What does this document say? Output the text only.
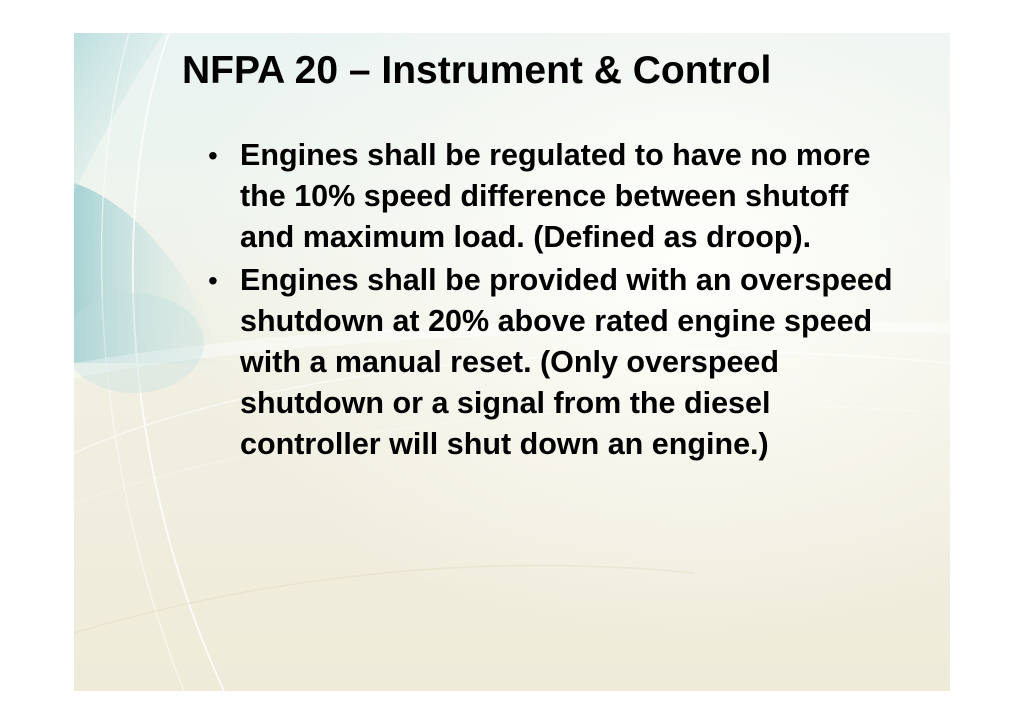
NFPA 20 – Instrument & Control
• Engines shall be regulated to have no more the 10% speed difference between shutoff and maximum load. (Defined as droop).
• Engines shall be provided with an overspeed shutdown at 20% above rated engine speed with a manual reset. (Only overspeed shutdown or a signal from the diesel controller will shut down an engine.)
